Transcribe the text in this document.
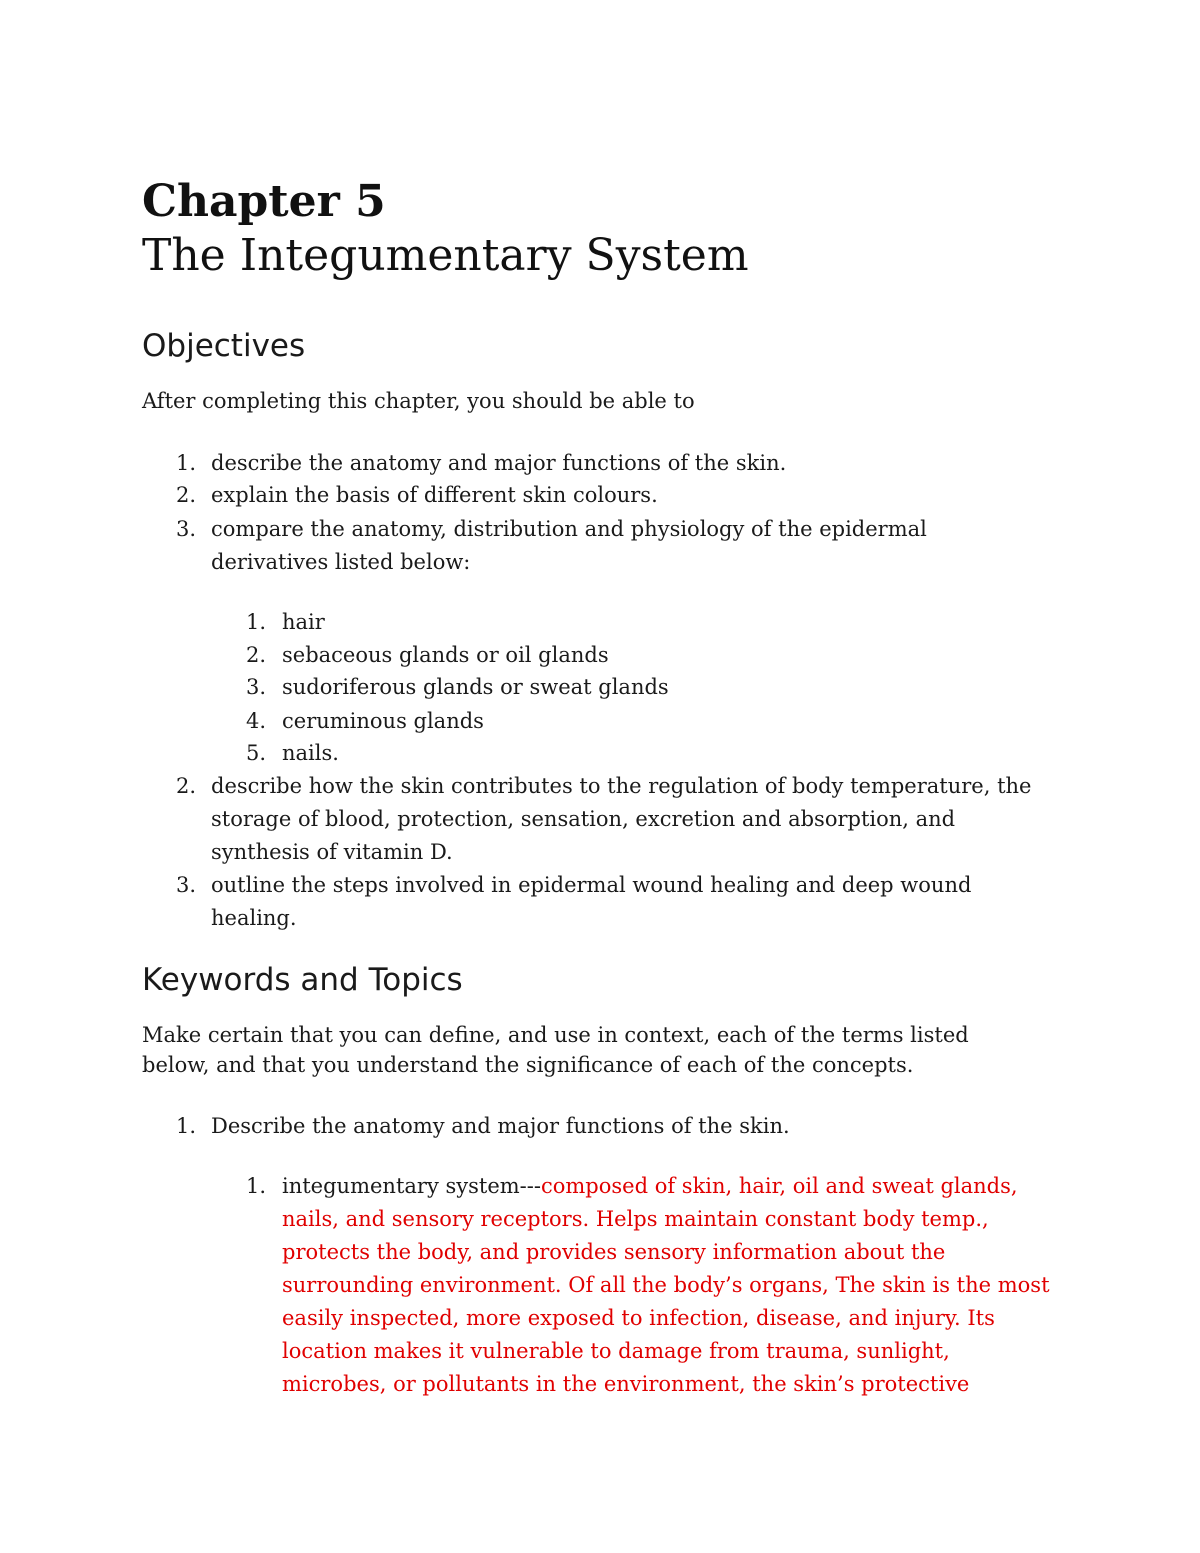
Chapter 5
The Integumentary System
Objectives

After completing this chapter, you should be able to

1. describe the anatomy and major functions of the skin.
2. explain the basis of different skin colours.
3. compare the anatomy, distribution and physiology of the epidermal
derivatives listed below:
1. hair
2. sebaceous glands or oil glands
3. sudoriferous glands or sweat glands
4. ceruminous glands
5. nails.
2. describe how the skin contributes to the regulation of body temperature, the
storage of blood, protection, sensation, excretion and absorption, and
synthesis of vitamin D.
3. outline the steps involved in epidermal wound healing and deep wound
healing.
Keywords and Topics
Make certain that you can define, and use in context, each of the terms listed
below, and that you understand the significance of each of the concepts.
1. Describe the anatomy and major functions of the skin.
1. integumentary system---composed of skin, hair, oil and sweat glands,
nails, and sensory receptors. Helps maintain constant body temp.,
protects the body, and provides sensory information about the
surrounding environment. Of all the body’s organs, The skin is the most
easily inspected, more exposed to infection, disease, and injury. Its
location makes it vulnerable to damage from trauma, sunlight,
microbes, or pollutants in the environment, the skin’s protective
